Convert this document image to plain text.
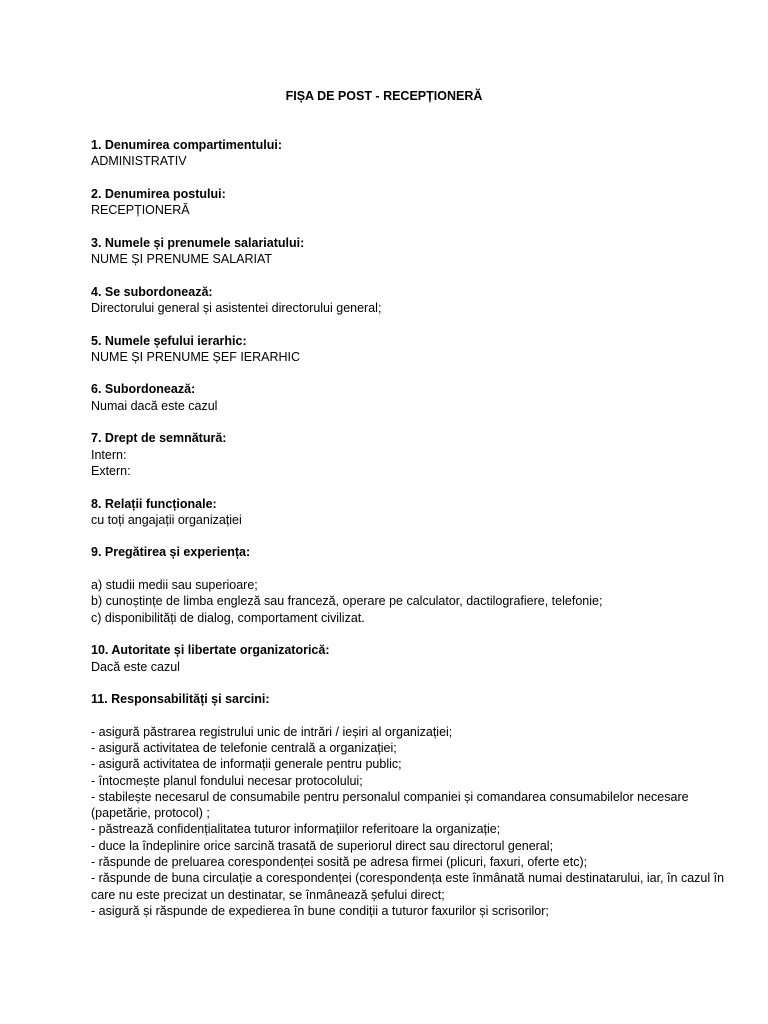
FIȘA DE POST - RECEPȚIONERĂ
1. Denumirea compartimentului:
ADMINISTRATIV
2. Denumirea postului:
RECEPȚIONERĂ
3. Numele și prenumele salariatului:
NUME ȘI PRENUME SALARIAT
4. Se subordonează:
Directorului general și asistentei directorului general;
5. Numele șefului ierarhic:
NUME ȘI PRENUME ȘEF IERARHIC
6. Subordonează:
Numai dacă este cazul
7. Drept de semnătură:
Intern:
Extern:
8. Relații funcționale:
cu toți angajații organizației
9. Pregătirea și experiența:
a) studii medii sau superioare;
b) cunoștințe de limba engleză sau franceză, operare pe calculator, dactilografiere, telefonie;
c) disponibilități de dialog, comportament civilizat.
10. Autoritate și libertate organizatorică:
Dacă este cazul
11. Responsabilități și sarcini:
- asigură păstrarea registrului unic de intrări / ieșiri al organizației;
- asigură activitatea de telefonie centrală a organizației;
- asigură activitatea de informații generale pentru public;
- întocmește planul fondului necesar protocolului;
- stabilește necesarul de consumabile pentru personalul companiei și comandarea consumabilelor necesare (papetărie, protocol) ;
- păstrează confidențialitatea tuturor informațiilor referitoare la organizație;
- duce la îndeplinire orice sarcină trasată de superiorul direct sau directorul general;
- răspunde de preluarea corespondenței sosită pe adresa firmei (plicuri, faxuri, oferte etc);
- răspunde de buna circulație a corespondenței (corespondența este înmânată numai destinatarului, iar, în cazul în care nu este precizat un destinatar, se înmânează șefului direct;
- asigură și răspunde de expedierea în bune condiții a tuturor faxurilor și scrisorilor;
